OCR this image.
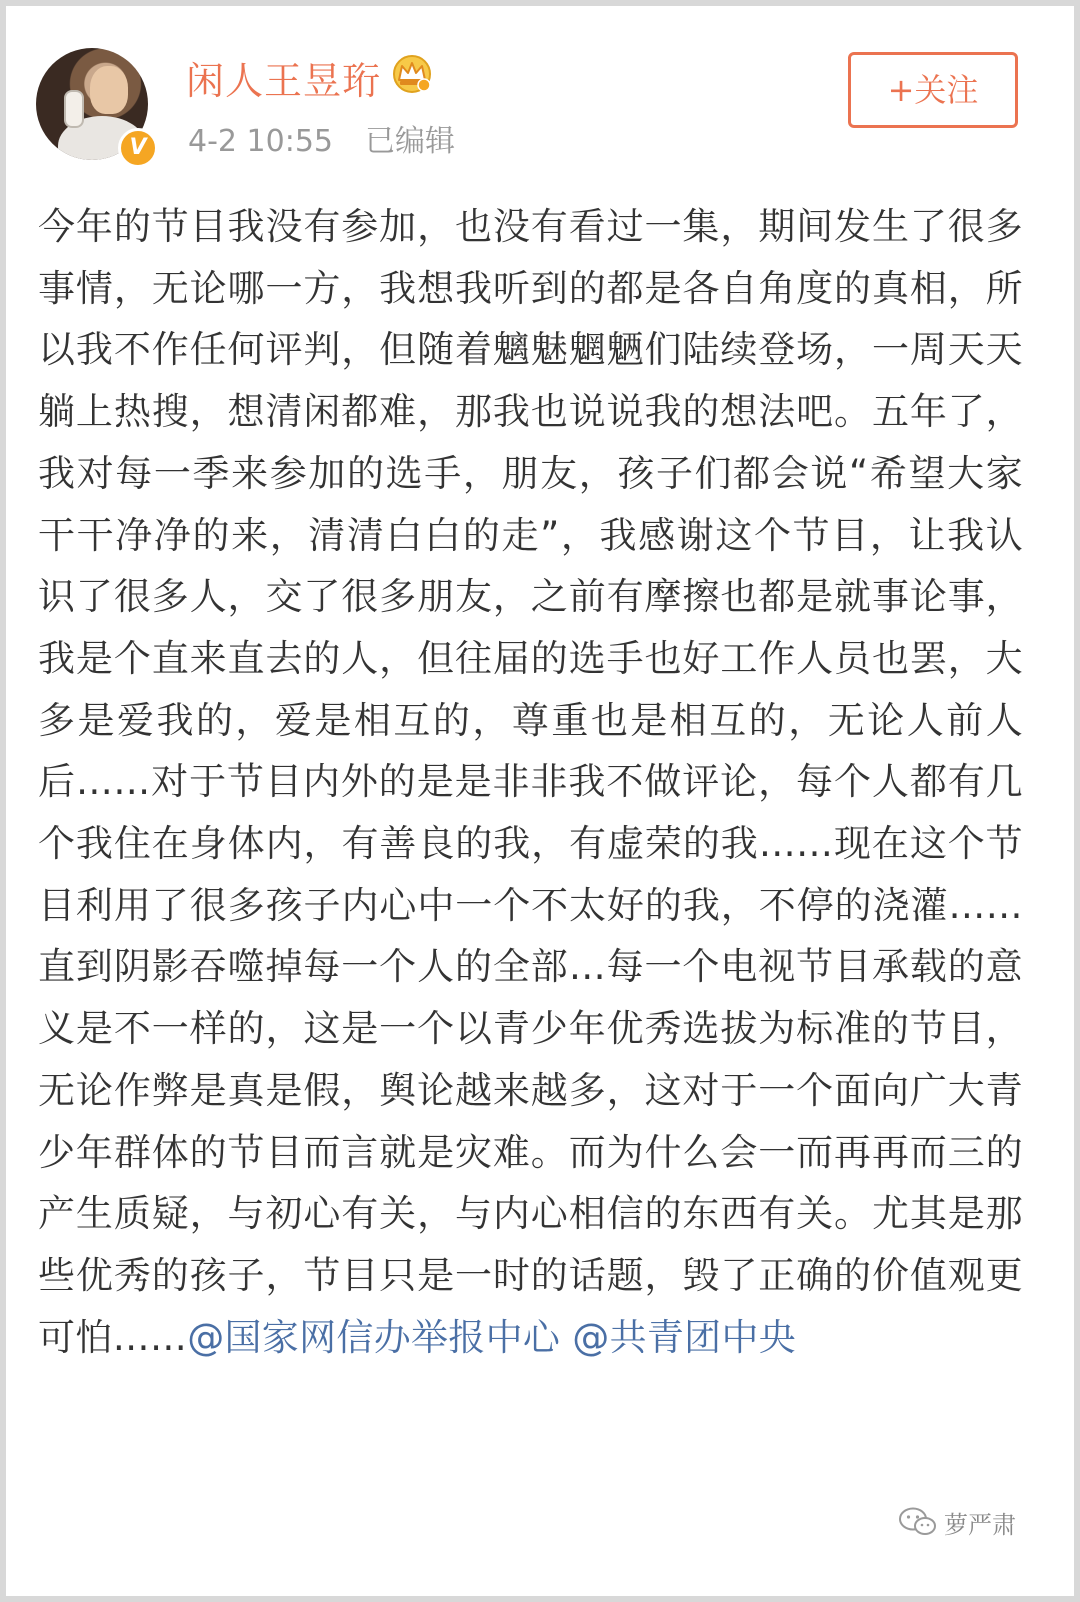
V
闲人王昱珩
4-2 10:55 已编辑
+关注
今年的节目我没有参加，也没有看过一集，期间发生了很多事情，无论哪一方，我想我听到的都是各自角度的真相，所以我不作任何评判，但随着魑魅魍魉们陆续登场，一周天天躺上热搜，想清闲都难，那我也说说我的想法吧。五年了，我对每一季来参加的选手，朋友，孩子们都会说“希望大家干干净净的来，清清白白的走”，我感谢这个节目，让我认识了很多人，交了很多朋友，之前有摩擦也都是就事论事，我是个直来直去的人，但往届的选手也好工作人员也罢，大多是爱我的，爱是相互的，尊重也是相互的，无论人前人后……对于节目内外的是是非非我不做评论，每个人都有几个我住在身体内，有善良的我，有虚荣的我……现在这个节目利用了很多孩子内心中一个不太好的我，不停的浇灌……直到阴影吞噬掉每一个人的全部…每一个电视节目承载的意义是不一样的，这是一个以青少年优秀选拔为标准的节目，无论作弊是真是假，舆论越来越多，这对于一个面向广大青少年群体的节目而言就是灾难。而为什么会一而再再而三的产生质疑，与初心有关，与内心相信的东西有关。尤其是那些优秀的孩子，节目只是一时的话题，毁了正确的价值观更可怕……@国家网信办举报中心 @共青团中央
萝严肃
